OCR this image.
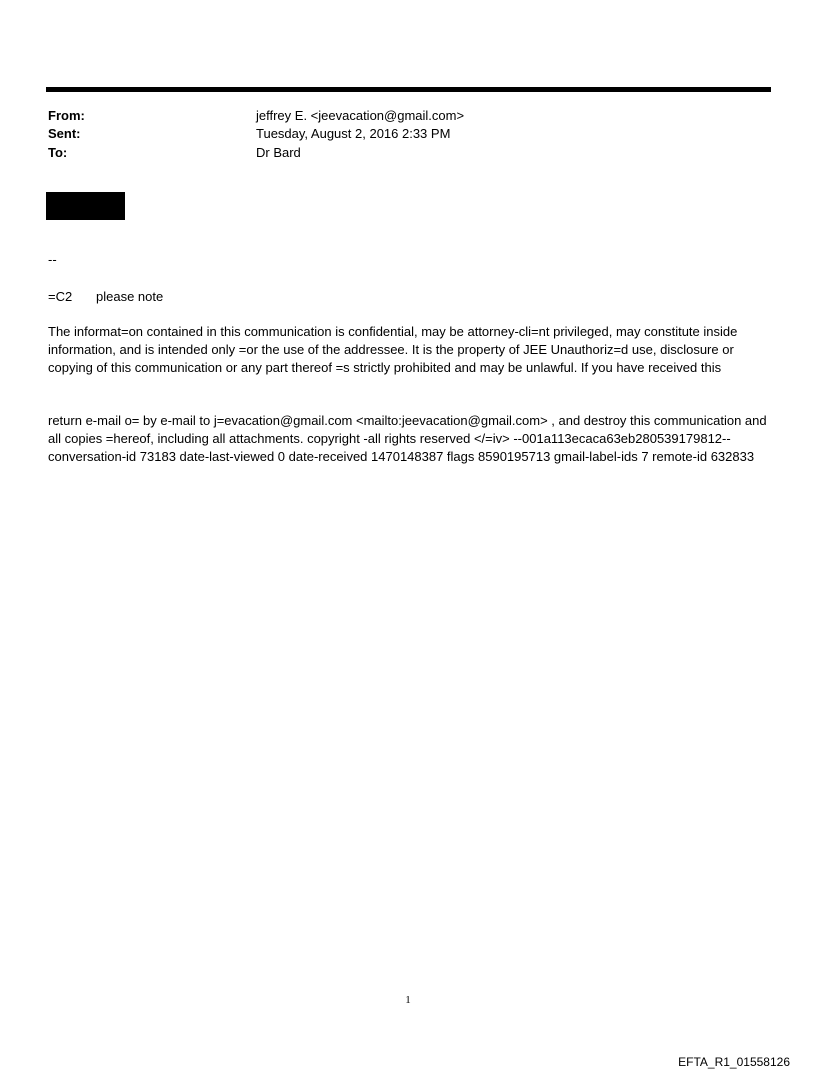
From:	jeffrey E. <jeevacation@gmail.com>
Sent:	Tuesday, August 2, 2016 2:33 PM
To:	Dr Bard
--
=C2 please note
The informat=on contained in this communication is confidential, may be attorney-cli=nt privileged, may constitute inside information, and is intended only =or the use of the addressee. It is the property of JEE Unauthoriz=d use, disclosure or copying of this communication or any part thereof =s strictly prohibited and may be unlawful. If you have received this
return e-mail o= by e-mail to j=evacation@gmail.com <mailto:jeevacation@gmail.com> , and destroy this communication and all copies =hereof, including all attachments. copyright -all rights reserved </=iv> --001a113ecaca63eb280539179812-- conversation-id 73183 date-last-viewed 0 date-received 1470148387 flags 8590195713 gmail-label-ids 7 remote-id 632833
1
EFTA_R1_01558126
